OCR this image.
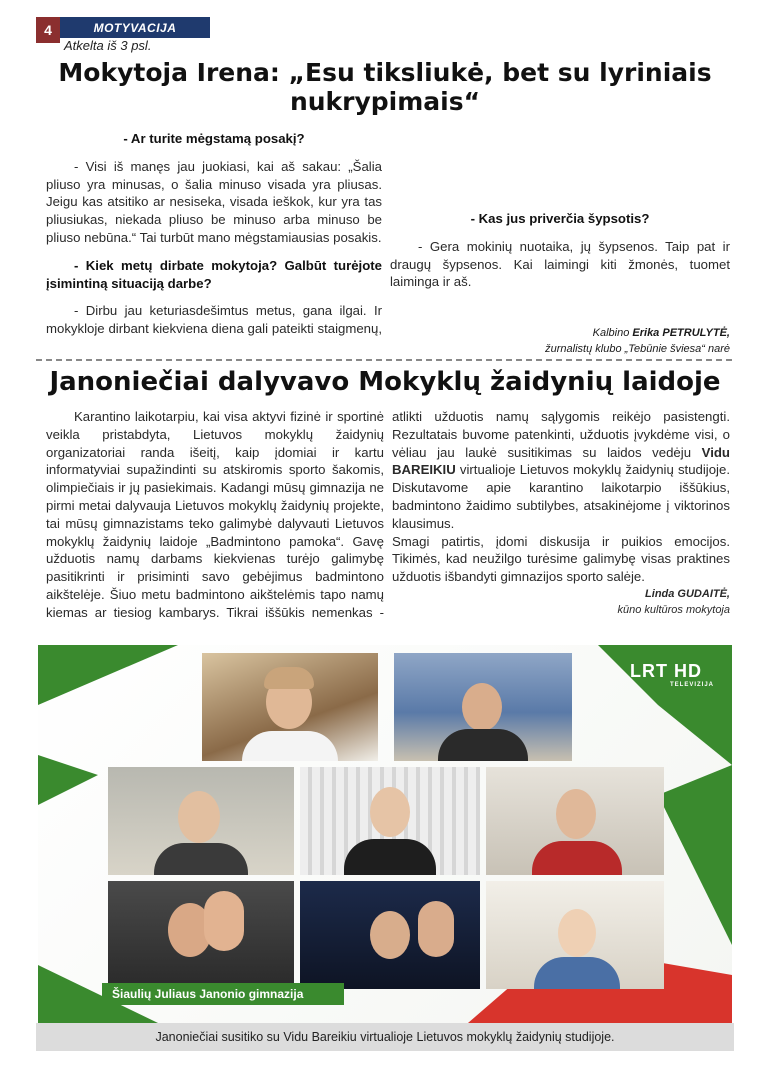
4	MOTYVACIJA
Atkelta iš 3 psl.
Mokytoja Irena: „Esu tiksliukė, bet su lyriniais nukrypimais“

- Ar turite mėgstamą posakį?

- Visi iš manęs jau juokiasi, kai aš sakau: „Šalia pliuso yra minusas, o šalia minuso visada yra pliusas. Jeigu kas atsitiko ar nesiseka, visada ieškok, kur yra tas pliusiukas, niekada pliuso be minuso arba minuso be pliuso nebūna.“ Tai turbūt mano mėgstamiausias posakis.

- Kiek metų dirbate mokytoja? Galbūt turėjote įsimintiną situaciją darbe?

- Dirbu jau keturiasdešimtus metus, gana ilgai. Ir mokykloje dirbant kiekviena diena gali pateikti staigmenų,

- Kas jus priverčia šypsotis?

- Gera mokinių nuotaika, jų šypsenos. Taip pat ir draugų šypsenos. Kai laimingi kiti žmonės, tuomet laiminga ir aš.

Kalbino Erika PETRULYTĖ,
žurnalistų klubo „Tebūnie šviesa“ narė
Janoniečiai dalyvavo Mokyklų žaidynių laidoje

Karantino laikotarpiu, kai visa aktyvi fizinė ir sportinė veikla pristabdyta, Lietuvos mokyklų žaidynių organizatoriai randa išeitį, kaip įdomiai ir kartu informatyviai supažindinti su atskiromis sporto šakomis, olimpiečiais ir jų pasiekimais. Kadangi mūsų gimnazija ne pirmi metai dalyvauja Lietuvos mokyklų žaidynių projekte, tai mūsų gimnazistams teko galimybė dalyvauti Lietuvos mokyklų žaidynių laidoje „Badmintono pamoka“. Gavę užduotis namų darbams kiekvienas turėjo galimybę pasitikrinti ir prisiminti savo gebėjimus badmintono aikštelėje. Šiuo metu badmintono aikštelėmis tapo namų kiemas ar tiesiog kambarys. Tikrai iššūkis nemenkas - atlikti užduotis namų sąlygomis reikėjo pasistengti. Rezultatais buvome patenkinti, užduotis įvykdėme visi, o vėliau jau laukė susitikimas su laidos vedėju Vidu BAREIKIU virtualioje Lietuvos mokyklų žaidynių studijoje. Diskutavome apie karantino laikotarpio iššūkius, badmintono žaidimo subtilybes, atsakinėjome į viktorinos klausimus.

Smagi patirtis, įdomi diskusija ir puikios emocijos. Tikimės, kad neužilgo turėsime galimybę visas praktines užduotis išbandyti gimnazijos sporto salėje.

Linda GUDAITĖ,
kūno kultūros mokytoja
LRT HD
TELEVIZIJA
Šiaulių Juliaus Janonio gimnazija
Janoniečiai susitiko su Vidu Bareikiu virtualioje Lietuvos mokyklų žaidynių studijoje.
